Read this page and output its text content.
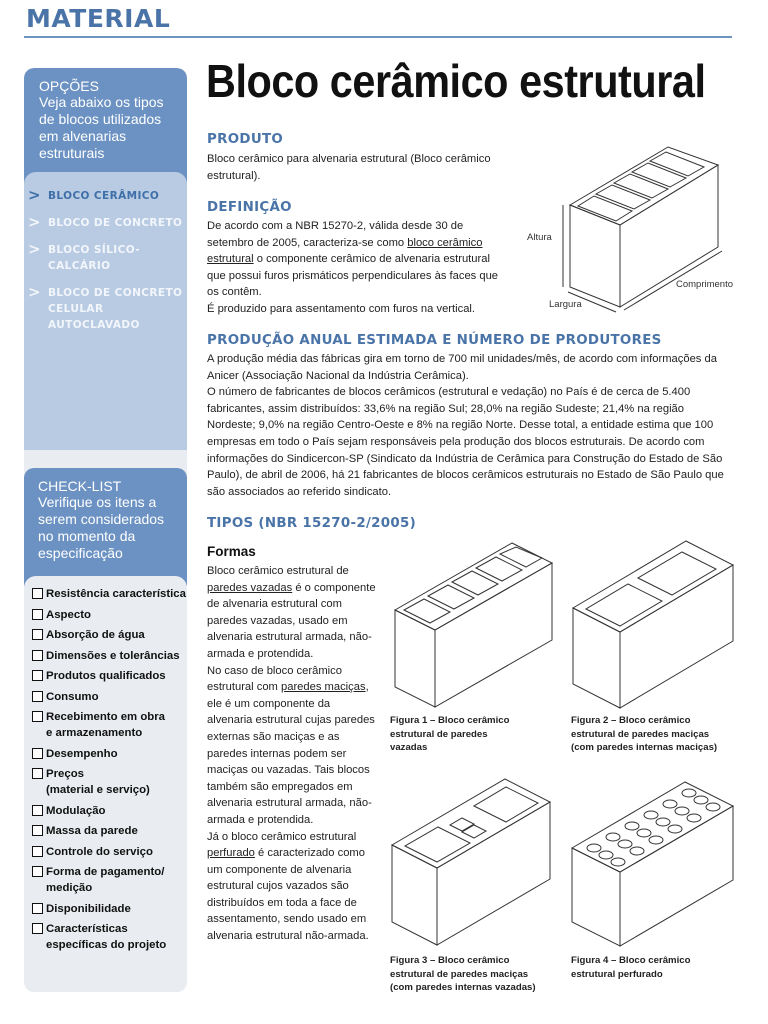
MATERIAL
OPÇÕES
Veja abaixo os tipos de blocos utilizados em alvenarias estruturais
> BLOCO CERÂMICO
> BLOCO DE CONCRETO
> BLOCO SÍLICO-
CALCÁRIO
> BLOCO DE CONCRETO
CELULAR
AUTOCLAVADO
CHECK-LIST
Verifique os itens a serem considerados no momento da especificação
Resistência característica
Aspecto
Absorção de água
Dimensões e tolerâncias
Produtos qualificados
Consumo
Recebimento em obra
e armazenamento
Desempenho
Preços
(material e serviço)
Modulação
Massa da parede
Controle do serviço
Forma de pagamento/
medição
Disponibilidade
Características
específicas do projeto
Bloco cerâmico estrutural
PRODUTO
Bloco cerâmico para alvenaria estrutural (Bloco cerâmico estrutural).
DEFINIÇÃO
De acordo com a NBR 15270-2, válida desde 30 de setembro de 2005, caracteriza-se como bloco cerâmico estrutural o componente cerâmico de alvenaria estrutural que possui furos prismáticos perpendiculares às faces que os contêm.
É produzido para assentamento com furos na vertical.
Altura
Comprimento
Largura
PRODUÇÃO ANUAL ESTIMADA E NÚMERO DE PRODUTORES
A produção média das fábricas gira em torno de 700 mil unidades/mês, de acordo com informações da Anicer (Associação Nacional da Indústria Cerâmica).
O número de fabricantes de blocos cerâmicos (estrutural e vedação) no País é de cerca de 5.400 fabricantes, assim distribuídos: 33,6% na região Sul; 28,0% na região Sudeste; 21,4% na região Nordeste; 9,0% na região Centro-Oeste e 8% na região Norte. Desse total, a entidade estima que 100 empresas em todo o País sejam responsáveis pela produção dos blocos estruturais. De acordo com informações do Sindicercon-SP (Sindicato da Indústria de Cerâmica para Construção do Estado de São Paulo), de abril de 2006, há 21 fabricantes de blocos cerâmicos estruturais no Estado de São Paulo que são associados ao referido sindicato.
TIPOS (NBR 15270-2/2005)
Formas
Bloco cerâmico estrutural de paredes vazadas é o componente de alvenaria estrutural com paredes vazadas, usado em alvenaria estrutural armada, não-armada e protendida.
No caso de bloco cerâmico estrutural com paredes maciças, ele é um componente da alvenaria estrutural cujas paredes externas são maciças e as paredes internas podem ser maciças ou vazadas. Tais blocos também são empregados em alvenaria estrutural armada, não-armada e protendida.
Já o bloco cerâmico estrutural perfurado é caracterizado como um componente de alvenaria estrutural cujos vazados são distribuídos em toda a face de assentamento, sendo usado em alvenaria estrutural não-armada.
Figura 1 – Bloco cerâmico
estrutural de paredes
vazadas
Figura 2 – Bloco cerâmico
estrutural de paredes maciças
(com paredes internas maciças)
Figura 3 – Bloco cerâmico
estrutural de paredes maciças
(com paredes internas vazadas)
Figura 4 – Bloco cerâmico
estrutural perfurado
